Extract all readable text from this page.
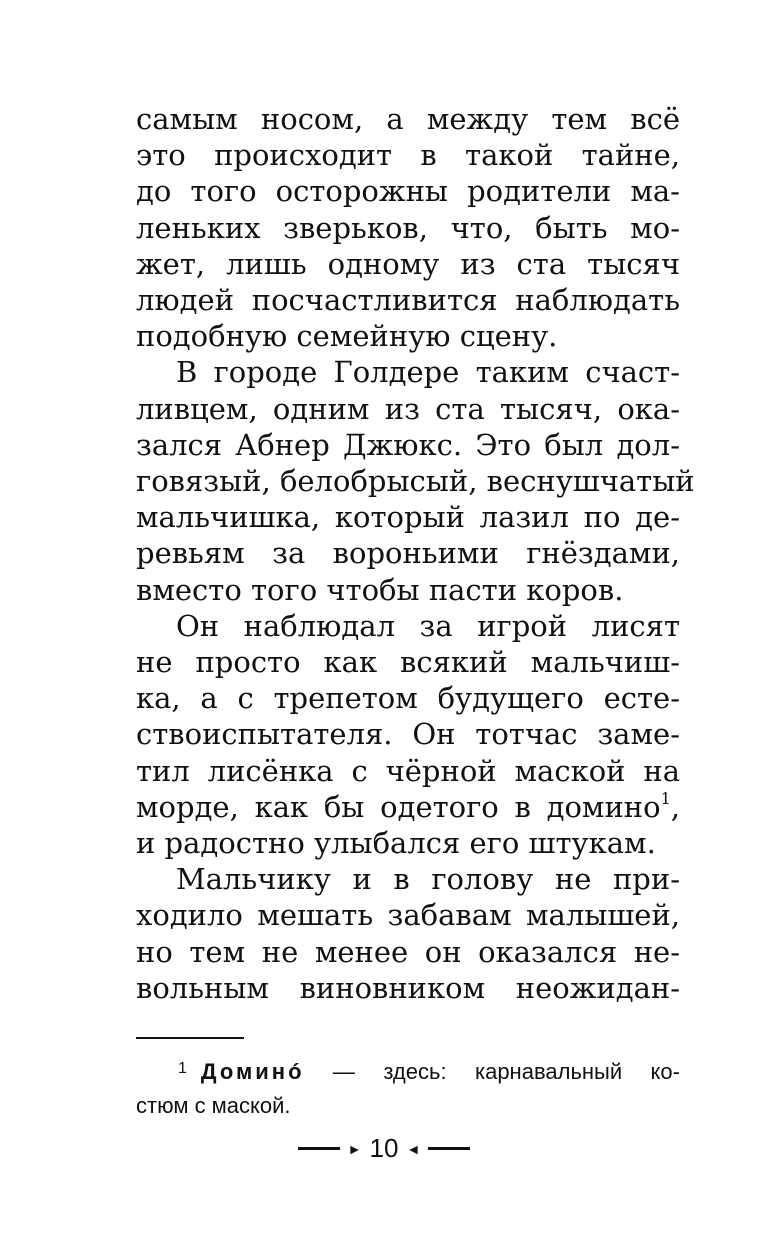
самым носом, а между тем всё
это происходит в такой тайне,
до того осторожны родители ма-
леньких зверьков, что, быть мо-
жет, лишь одному из ста тысяч
людей посчастливится наблюдать
подобную семейную сцену.
В городе Голдере таким счаст-
ливцем, одним из ста тысяч, ока-
зался Абнер Джюкс. Это был дол-
говязый, белобрысый, веснушчатый
мальчишка, который лазил по де-
ревьям за вороньими гнёздами,
вместо того чтобы пасти коров.
Он наблюдал за игрой лисят
не просто как всякий мальчиш-
ка, а с трепетом будущего есте-
ствоиспытателя. Он тотчас заме-
тил лисёнка с чёрной маской на
морде, как бы одетого в домино$^1$,
и радостно улыбался его штукам.
Мальчику и в голову не при-
ходило мешать забавам малышей,
но тем не менее он оказался не-
вольным виновником неожидан-
$^1$ Доминó — здесь: карнавальный ко-
стюм с маской.
► 10 ◄
